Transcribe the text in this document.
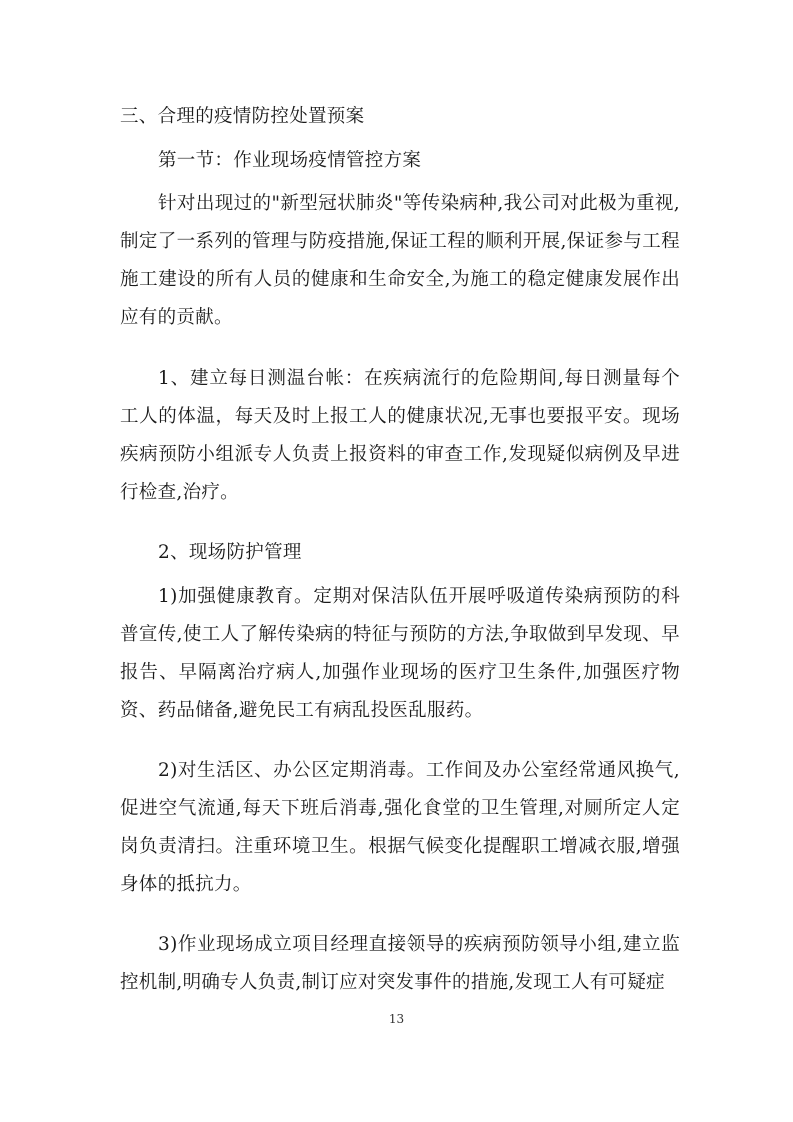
三、合理的疫情防控处置预案

第一节：作业现场疫情管控方案

针对出现过的"新型冠状肺炎"等传染病种,我公司对此极为重视,制定了一系列的管理与防疫措施,保证工程的顺利开展,保证参与工程施工建设的所有人员的健康和生命安全,为施工的稳定健康发展作出应有的贡献。

1、建立每日测温台帐：在疾病流行的危险期间,每日测量每个工人的体温，每天及时上报工人的健康状况,无事也要报平安。现场疾病预防小组派专人负责上报资料的审查工作,发现疑似病例及早进行检查,治疗。

2、现场防护管理

1)加强健康教育。定期对保洁队伍开展呼吸道传染病预防的科普宣传,使工人了解传染病的特征与预防的方法,争取做到早发现、早报告、早隔离治疗病人,加强作业现场的医疗卫生条件,加强医疗物资、药品储备,避免民工有病乱投医乱服药。

2)对生活区、办公区定期消毒。工作间及办公室经常通风换气,促进空气流通,每天下班后消毒,强化食堂的卫生管理,对厕所定人定岗负责清扫。注重环境卫生。根据气候变化提醒职工增减衣服,增强身体的抵抗力。

3)作业现场成立项目经理直接领导的疾病预防领导小组,建立监控机制,明确专人负责,制订应对突发事件的措施,发现工人有可疑症

13
